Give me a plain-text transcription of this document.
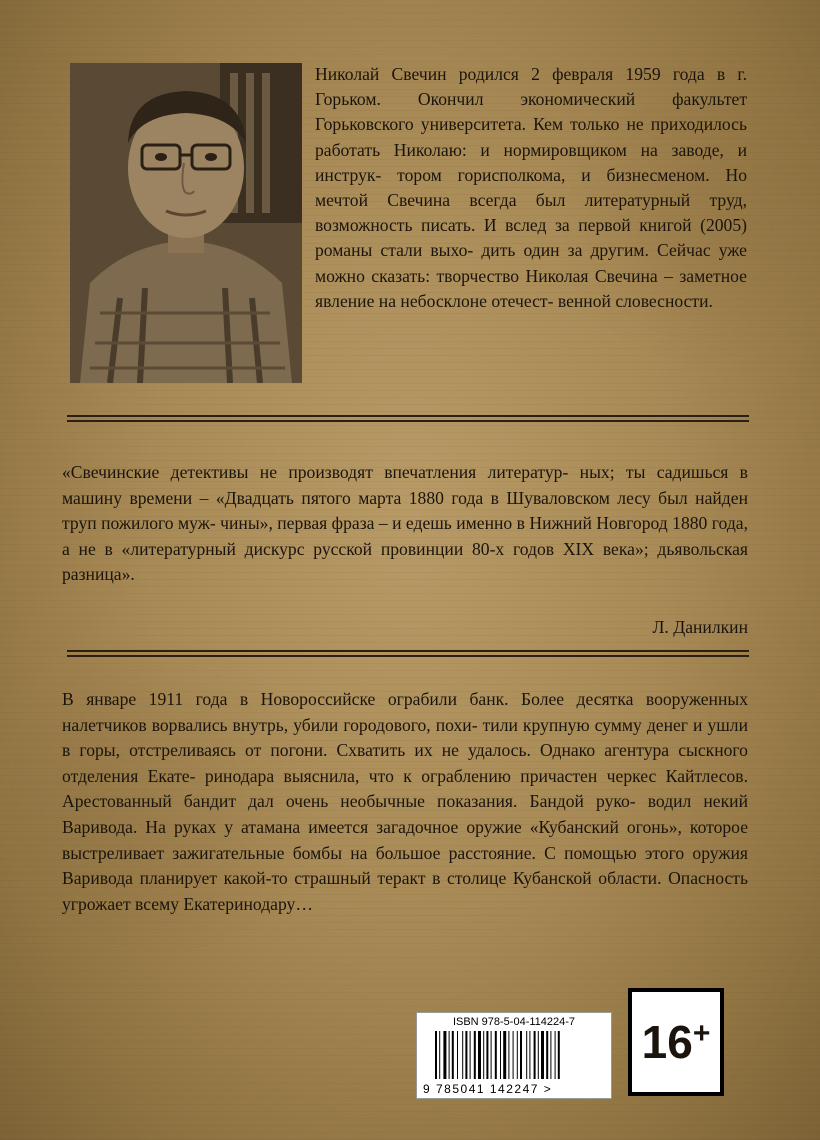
Николай Свечин родился 2 февраля 1959 года в г. Горьком. Окончил экономический факультет Горьковского университета. Кем только не приходилось работать Николаю: и нормировщиком на заводе, и инструк- тором горисполкома, и бизнесменом. Но мечтой Свечина всегда был литературный труд, возможность писать. И вслед за первой книгой (2005) романы стали выхо- дить один за другим. Сейчас уже можно сказать: творчество Николая Свечина – заметное явление на небосклоне отечест- венной словесности.

«Свечинские детективы не производят впечатления литератур- ных; ты садишься в машину времени – «Двадцать пятого марта 1880 года в Шуваловском лесу был найден труп пожилого муж- чины», первая фраза – и едешь именно в Нижний Новгород 1880 года, а не в «литературный дискурс русской провинции 80-х годов XIX века»; дьявольская разница».

Л. Данилкин

В январе 1911 года в Новороссийске ограбили банк. Более десятка вооруженных налетчиков ворвались внутрь, убили городового, похи- тили крупную сумму денег и ушли в горы, отстреливаясь от погони. Схватить их не удалось. Однако агентура сыскного отделения Екате- ринодара выяснила, что к ограблению причастен черкес Кайтлесов. Арестованный бандит дал очень необычные показания. Бандой руко- водил некий Варивода. На руках у атамана имеется загадочное оружие «Кубанский огонь», которое выстреливает зажигательные бомбы на большое расстояние. С помощью этого оружия Варивода планирует какой-то страшный теракт в столице Кубанской области. Опасность угрожает всему Екатеринодару…

ISBN 978-5-04-114224-7
9 785041 142247 >
16 +
